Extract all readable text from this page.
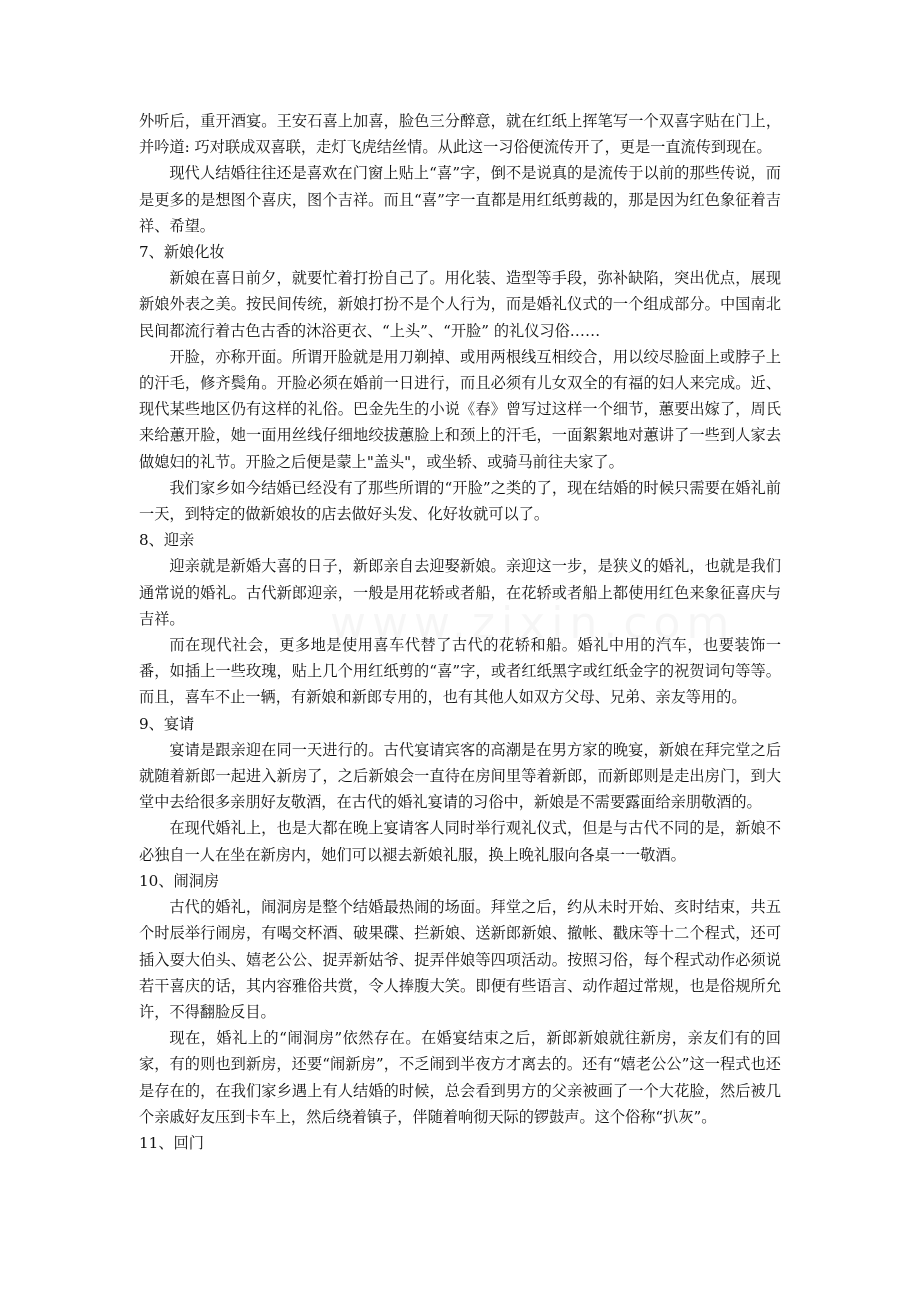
外听后，重开酒宴。王安石喜上加喜，脸色三分醉意，就在红纸上挥笔写一个双喜字贴在门上，并吟道: 巧对联成双喜联，走灯飞虎结丝情。从此这一习俗便流传开了，更是一直流传到现在。

现代人结婚往往还是喜欢在门窗上贴上“喜”字，倒不是说真的是流传于以前的那些传说，而是更多的是想图个喜庆，图个吉祥。而且“喜”字一直都是用红纸剪裁的，那是因为红色象征着吉祥、希望。

7、新娘化妆

新娘在喜日前夕，就要忙着打扮自己了。用化装、造型等手段，弥补缺陷，突出优点，展现新娘外表之美。按民间传统，新娘打扮不是个人行为，而是婚礼仪式的一个组成部分。中国南北民间都流行着古色古香的沐浴更衣、“上头”、“开脸” 的礼仪习俗……

开脸，亦称开面。所谓开脸就是用刀剃掉、或用两根线互相绞合，用以绞尽脸面上或脖子上的汗毛，修齐鬓角。开脸必须在婚前一日进行，而且必须有儿女双全的有福的妇人来完成。近、现代某些地区仍有这样的礼俗。巴金先生的小说《春》曾写过这样一个细节，蕙要出嫁了，周氏来给蕙开脸，她一面用丝线仔细地绞拔蕙脸上和颈上的汗毛，一面絮絮地对蕙讲了一些到人家去做媳妇的礼节。开脸之后便是蒙上"盖头"，或坐轿、或骑马前往夫家了。

我们家乡如今结婚已经没有了那些所谓的“开脸”之类的了，现在结婚的时候只需要在婚礼前一天，到特定的做新娘妆的店去做好头发、化好妆就可以了。

8、迎亲

迎亲就是新婚大喜的日子，新郎亲自去迎娶新娘。亲迎这一步，是狭义的婚礼，也就是我们通常说的婚礼。古代新郎迎亲，一般是用花轿或者船，在花轿或者船上都使用红色来象征喜庆与吉祥。

而在现代社会，更多地是使用喜车代替了古代的花轿和船。婚礼中用的汽车，也要装饰一番，如插上一些玫瑰，贴上几个用红纸剪的“喜”字，或者红纸黑字或红纸金字的祝贺词句等等。而且，喜车不止一辆，有新娘和新郎专用的，也有其他人如双方父母、兄弟、亲友等用的。

9、宴请

宴请是跟亲迎在同一天进行的。古代宴请宾客的高潮是在男方家的晚宴，新娘在拜完堂之后就随着新郎一起进入新房了，之后新娘会一直待在房间里等着新郎，而新郎则是走出房门，到大堂中去给很多亲朋好友敬酒，在古代的婚礼宴请的习俗中，新娘是不需要露面给亲朋敬酒的。

在现代婚礼上，也是大都在晚上宴请客人同时举行观礼仪式，但是与古代不同的是，新娘不必独自一人在坐在新房内，她们可以褪去新娘礼服，换上晚礼服向各桌一一敬酒。

10、闹洞房

古代的婚礼，闹洞房是整个结婚最热闹的场面。拜堂之后，约从未时开始、亥时结束，共五个时辰举行闹房，有喝交杯酒、破果碟、拦新娘、送新郎新娘、撤帐、戳床等十二个程式，还可插入耍大伯头、嬉老公公、捉弄新姑爷、捉弄伴娘等四项活动。按照习俗，每个程式动作必须说若干喜庆的话，其内容雅俗共赏，令人捧腹大笑。即便有些语言、动作超过常规，也是俗规所允许，不得翻脸反目。

现在，婚礼上的“闹洞房”依然存在。在婚宴结束之后，新郎新娘就往新房，亲友们有的回家，有的则也到新房，还要“闹新房”，不乏闹到半夜方才离去的。还有“嬉老公公”这一程式也还是存在的，在我们家乡遇上有人结婚的时候，总会看到男方的父亲被画了一个大花脸，然后被几个亲戚好友压到卡车上，然后绕着镇子，伴随着响彻天际的锣鼓声。这个俗称“扒灰”。

11、回门
